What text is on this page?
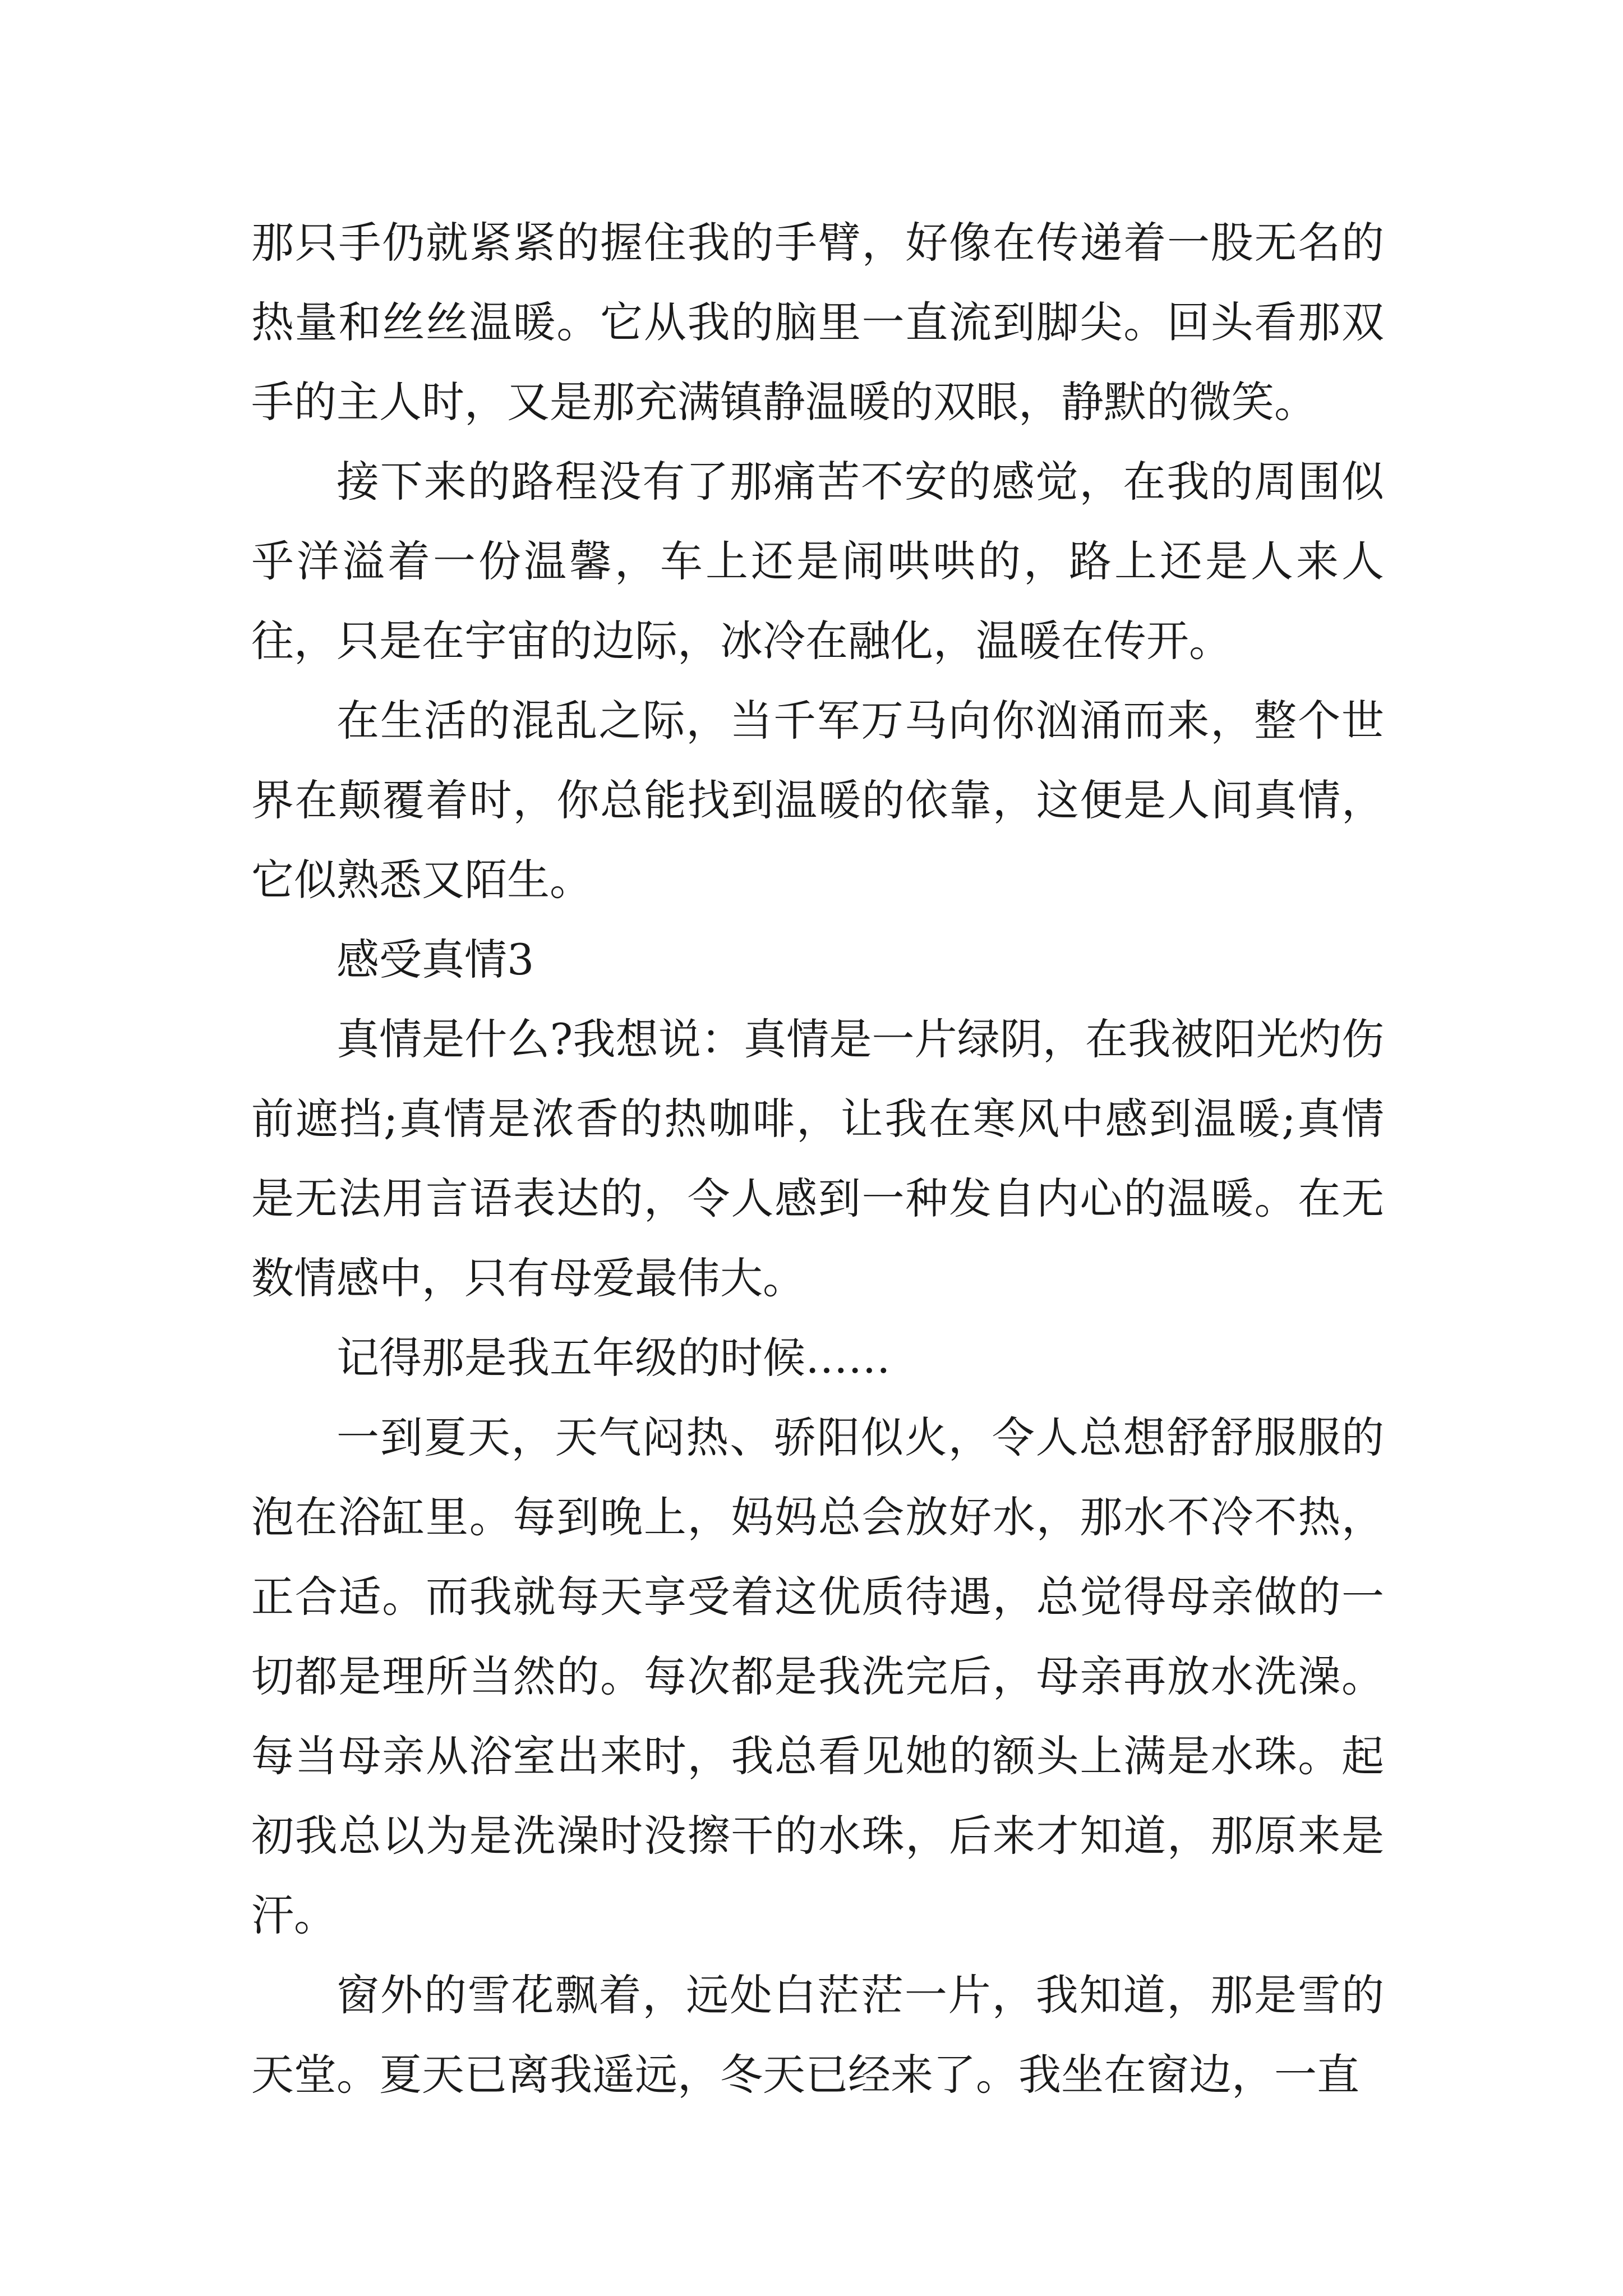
那只手仍就紧紧的握住我的手臂，好像在传递着一股无名的热量和丝丝温暖。它从我的脑里一直流到脚尖。回头看那双手的主人时，又是那充满镇静温暖的双眼，静默的微笑。

接下来的路程没有了那痛苦不安的感觉，在我的周围似乎洋溢着一份温馨，车上还是闹哄哄的，路上还是人来人往，只是在宇宙的边际，冰冷在融化，温暖在传开。

在生活的混乱之际，当千军万马向你汹涌而来，整个世界在颠覆着时，你总能找到温暖的依靠，这便是人间真情，它似熟悉又陌生。

感受真情3

真情是什么?我想说：真情是一片绿阴，在我被阳光灼伤前遮挡;真情是浓香的热咖啡，让我在寒风中感到温暖;真情是无法用言语表达的，令人感到一种发自内心的温暖。在无数情感中，只有母爱最伟大。

记得那是我五年级的时候……

一到夏天，天气闷热、骄阳似火，令人总想舒舒服服的泡在浴缸里。每到晚上，妈妈总会放好水，那水不冷不热，正合适。而我就每天享受着这优质待遇，总觉得母亲做的一切都是理所当然的。每次都是我洗完后，母亲再放水洗澡。每当母亲从浴室出来时，我总看见她的额头上满是水珠。起初我总以为是洗澡时没擦干的水珠，后来才知道，那原来是汗。

窗外的雪花飘着，远处白茫茫一片，我知道，那是雪的天堂。夏天已离我遥远，冬天已经来了。我坐在窗边，一直
